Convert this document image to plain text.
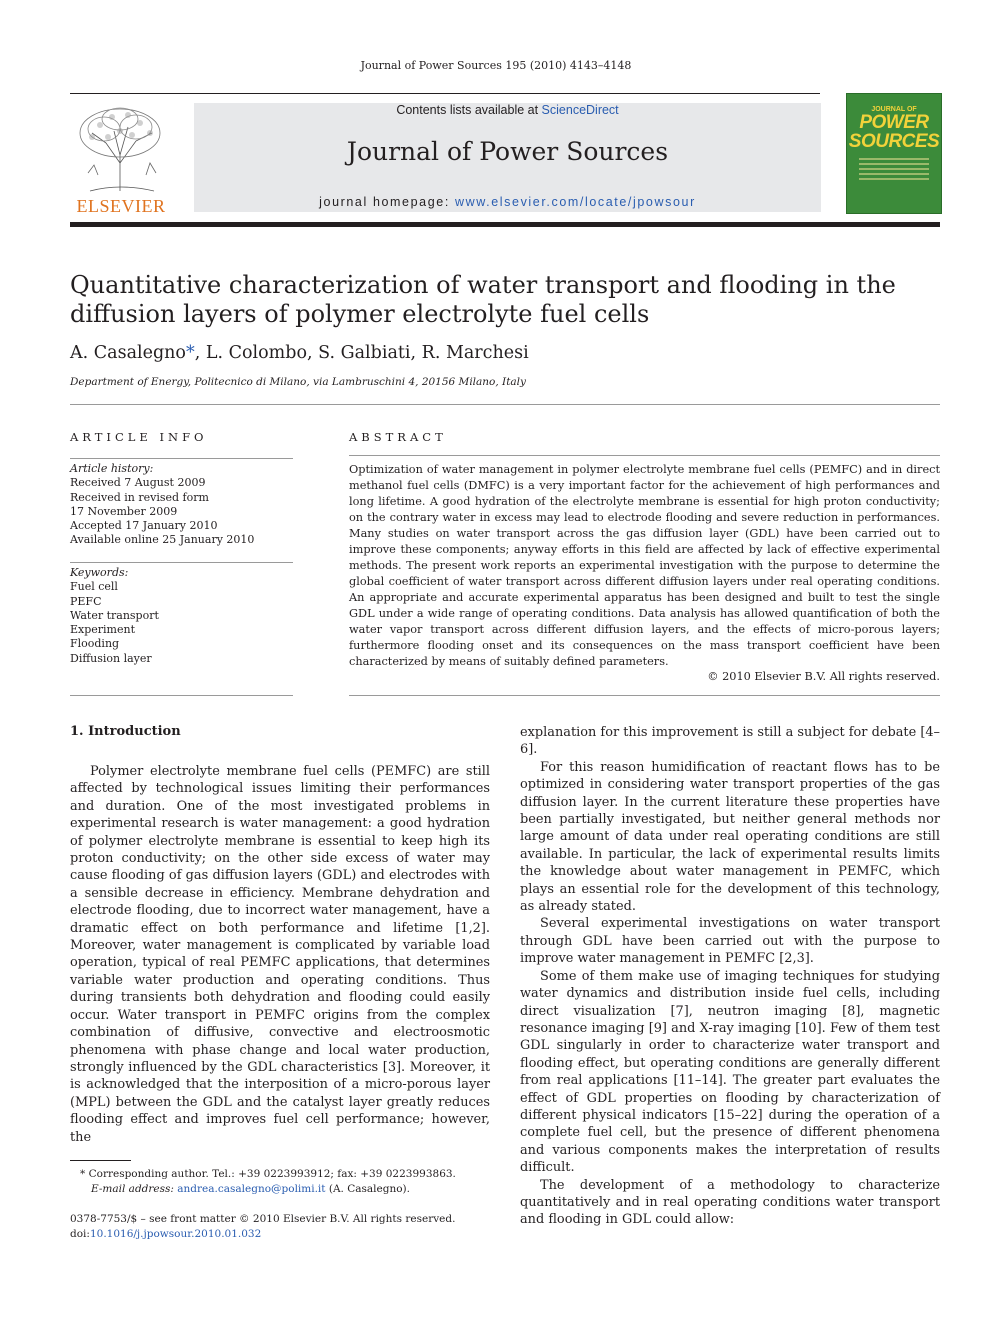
Journal of Power Sources 195 (2010) 4143–4148
ELSEVIER
Contents lists available at ScienceDirect
Journal of Power Sources
journal homepage: www.elsevier.com/locate/jpowsour
JOURNAL OF
POWER
SOURCES
Quantitative characterization of water transport and flooding in the diffusion layers of polymer electrolyte fuel cells
A. Casalegno*, L. Colombo, S. Galbiati, R. Marchesi
Department of Energy, Politecnico di Milano, via Lambruschini 4, 20156 Milano, Italy
ARTICLE INFO
Article history:
Received 7 August 2009
Received in revised form
17 November 2009
Accepted 17 January 2010
Available online 25 January 2010
Keywords:
Fuel cell
PEFC
Water transport
Experiment
Flooding
Diffusion layer
ABSTRACT
Optimization of water management in polymer electrolyte membrane fuel cells (PEMFC) and in direct methanol fuel cells (DMFC) is a very important factor for the achievement of high performances and long lifetime. A good hydration of the electrolyte membrane is essential for high proton conductivity; on the contrary water in excess may lead to electrode flooding and severe reduction in performances. Many studies on water transport across the gas diffusion layer (GDL) have been carried out to improve these components; anyway efforts in this field are affected by lack of effective experimental methods. The present work reports an experimental investigation with the purpose to determine the global coefficient of water transport across different diffusion layers under real operating conditions. An appropriate and accurate experimental apparatus has been designed and built to test the single GDL under a wide range of operating conditions. Data analysis has allowed quantification of both the water vapor transport across different diffusion layers, and the effects of micro-porous layers; furthermore flooding onset and its consequences on the mass transport coefficient have been characterized by means of suitably defined parameters.
© 2010 Elsevier B.V. All rights reserved.
1. Introduction

Polymer electrolyte membrane fuel cells (PEMFC) are still affected by technological issues limiting their performances and duration. One of the most investigated problems in experimental research is water management: a good hydration of polymer electrolyte membrane is essential to keep high its proton conductivity; on the other side excess of water may cause flooding of gas diffusion layers (GDL) and electrodes with a sensible decrease in efficiency. Membrane dehydration and electrode flooding, due to incorrect water management, have a dramatic effect on both performance and lifetime [1,2]. Moreover, water management is complicated by variable load operation, typical of real PEMFC applications, that determines variable water production and operating conditions. Thus during transients both dehydration and flooding could easily occur. Water transport in PEMFC origins from the complex combination of diffusive, convective and electroosmotic phenomena with phase change and local water production, strongly influenced by the GDL characteristics [3]. Moreover, it is acknowledged that the interposition of a micro-porous layer (MPL) between the GDL and the catalyst layer greatly reduces flooding effect and improves fuel cell performance; however, the

explanation for this improvement is still a subject for debate [4–6].

For this reason humidification of reactant flows has to be optimized in considering water transport properties of the gas diffusion layer. In the current literature these properties have been partially investigated, but neither general methods nor large amount of data under real operating conditions are still available. In particular, the lack of experimental results limits the knowledge about water management in PEMFC, which plays an essential role for the development of this technology, as already stated.

Several experimental investigations on water transport through GDL have been carried out with the purpose to improve water management in PEMFC [2,3].

Some of them make use of imaging techniques for studying water dynamics and distribution inside fuel cells, including direct visualization [7], neutron imaging [8], magnetic resonance imaging [9] and X-ray imaging [10]. Few of them test GDL singularly in order to characterize water transport and flooding effect, but operating conditions are generally different from real applications [11–14]. The greater part evaluates the effect of GDL properties on flooding by characterization of different physical indicators [15–22] during the operation of a complete fuel cell, but the presence of different phenomena and various components makes the interpretation of results difficult.

The development of a methodology to characterize quantitatively and in real operating conditions water transport and flooding in GDL could allow:

* Corresponding author. Tel.: +39 0223993912; fax: +39 0223993863.
E-mail address: andrea.casalegno@polimi.it (A. Casalegno).
0378-7753/$ – see front matter © 2010 Elsevier B.V. All rights reserved.
doi:10.1016/j.jpowsour.2010.01.032
